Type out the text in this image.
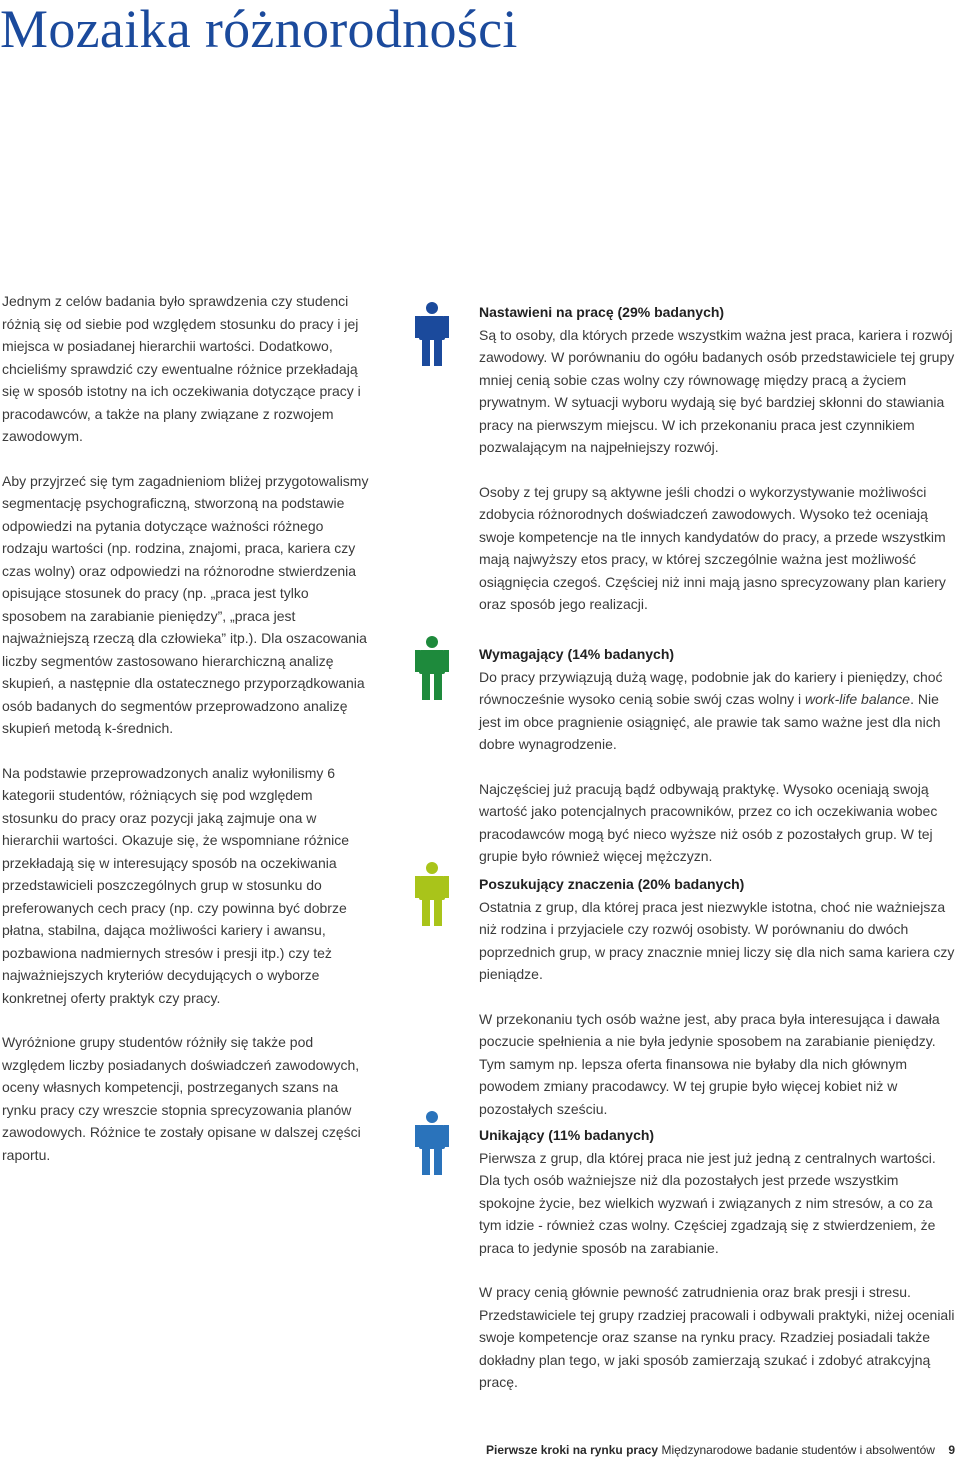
Mozaika różnorodności

Jednym z celów badania było sprawdzenia czy studenci różnią się od siebie pod względem stosunku do pracy i jej miejsca w posiadanej hierarchii wartości. Dodatkowo, chcieliśmy sprawdzić czy ewentualne różnice przekładają się w sposób istotny na ich oczekiwania dotyczące pracy i pracodawców, a także na plany związane z rozwojem zawodowym.

Aby przyjrzeć się tym zagadnieniom bliżej przygotowalismy segmentację psychograficzną, stworzoną na podstawie odpowiedzi na pytania dotyczące ważności różnego rodzaju wartości (np. rodzina, znajomi, praca, kariera czy czas wolny) oraz odpowiedzi na różnorodne stwierdzenia opisujące stosunek do pracy (np. „praca jest tylko sposobem na zarabianie pieniędzy”, „praca jest najważniejszą rzeczą dla człowieka” itp.). Dla oszacowania liczby segmentów zastosowano hierarchiczną analizę skupień, a następnie dla ostatecznego przyporządkowania osób badanych do segmentów przeprowadzono analizę skupień metodą k-średnich.

Na podstawie przeprowadzonych analiz wyłonilismy 6 kategorii studentów, różniących się pod względem stosunku do pracy oraz pozycji jaką zajmuje ona w hierarchii wartości. Okazuje się, że wspomniane różnice przekładają się w interesujący sposób na oczekiwania przedstawicieli poszczególnych grup w stosunku do preferowanych cech pracy (np. czy powinna być dobrze płatna, stabilna, dająca możliwości kariery i awansu, pozbawiona nadmiernych stresów i presji itp.) czy też najważniejszych kryteriów decydujących o wyborze konkretnej oferty praktyk czy pracy.

Wyróżnione grupy studentów różniły się także pod względem liczby posiadanych doświadczeń zawodowych, oceny własnych kompetencji, postrzeganych szans na rynku pracy czy wreszcie stopnia sprecyzowania planów zawodowych. Różnice te zostały opisane w dalszej części raportu.

Nastawieni na pracę (29% badanych)

Są to osoby, dla których przede wszystkim ważna jest praca, kariera i rozwój zawodowy. W porównaniu do ogółu badanych osób przedstawiciele tej grupy mniej cenią sobie czas wolny czy równowagę między pracą a życiem prywatnym. W sytuacji wyboru wydają się być bardziej skłonni do stawiania pracy na pierwszym miejscu. W ich przekonaniu praca jest czynnikiem pozwalającym na najpełniejszy rozwój.

Osoby z tej grupy są aktywne jeśli chodzi o wykorzystywanie możliwości zdobycia różnorodnych doświadczeń zawodowych. Wysoko też oceniają swoje kompetencje na tle innych kandydatów do pracy, a przede wszystkim mają najwyższy etos pracy, w której szczególnie ważna jest możliwość osiągnięcia czegoś. Częściej niż inni mają jasno sprecyzowany plan kariery oraz sposób jego realizacji.

Wymagający (14% badanych)

Do pracy przywiązują dużą wagę, podobnie jak do kariery i pieniędzy, choć równocześnie wysoko cenią sobie swój czas wolny i work-life balance. Nie jest im obce pragnienie osiągnięć, ale prawie tak samo ważne jest dla nich dobre wynagrodzenie.

Najczęściej już pracują bądź odbywają praktykę. Wysoko oceniają swoją wartość jako potencjalnych pracowników, przez co ich oczekiwania wobec pracodawców mogą być nieco wyższe niż osób z pozostałych grup. W tej grupie było również więcej mężczyzn.

Poszukujący znaczenia (20% badanych)

Ostatnia z grup, dla której praca jest niezwykle istotna, choć nie ważniejsza niż rodzina i przyjaciele czy rozwój osobisty. W porównaniu do dwóch poprzednich grup, w pracy znacznie mniej liczy się dla nich sama kariera czy pieniądze.

W przekonaniu tych osób ważne jest, aby praca była interesująca i dawała poczucie spełnienia a nie była jedynie sposobem na zarabianie pieniędzy. Tym samym np. lepsza oferta finansowa nie byłaby dla nich głównym powodem zmiany pracodawcy. W tej grupie było więcej kobiet niż w pozostałych sześciu.

Unikający (11% badanych)

Pierwsza z grup, dla której praca nie jest już jedną z centralnych wartości. Dla tych osób ważniejsze niż dla pozostałych jest przede wszystkim spokojne życie, bez wielkich wyzwań i związanych z nim stresów, a co za tym idzie - również czas wolny. Częściej zgadzają się z stwierdzeniem, że praca to jedynie sposób na zarabianie.

W pracy cenią głównie pewność zatrudnienia oraz brak presji i stresu. Przedstawiciele tej grupy rzadziej pracowali i odbywali praktyki, niżej oceniali swoje kompetencje oraz szanse na rynku pracy. Rzadziej posiadali także dokładny plan tego, w jaki sposób zamierzają szukać i zdobyć atrakcyjną pracę.

Pierwsze kroki na rynku pracy Międzynarodowe badanie studentów i absolwentów 9
